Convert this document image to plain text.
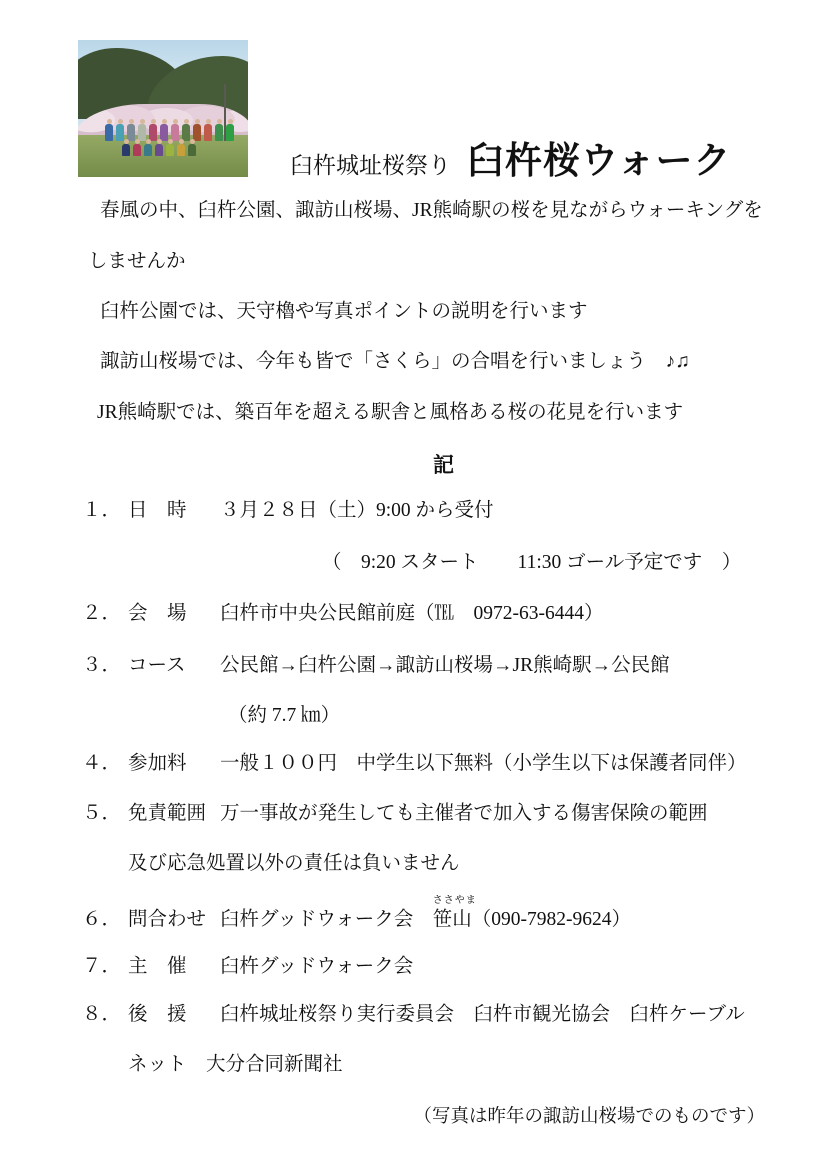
臼杵城址桜祭り 臼杵桜ウォーク
春風の中、臼杵公園、諏訪山桜場、JR熊崎駅の桜を見ながらウォーキングを
しませんか
臼杵公園では、天守櫓や写真ポイントの説明を行います
諏訪山桜場では、今年も皆で「さくら」の合唱を行いましょう　♪♫
JR熊崎駅では、築百年を超える駅舎と風格ある桜の花見を行います
記
１． 日　時	３月２８日（土）9:00 から受付
（　9:20 スタート　　11:30 ゴール予定です　）
２． 会　場	臼杵市中央公民館前庭（℡　0972-63-6444）
３． コース	公民館→臼杵公園→諏訪山桜場→JR熊崎駅→公民館
（約 7.7 ㎞）
４． 参加料	一般１００円　中学生以下無料（小学生以下は保護者同伴）
５． 免責範囲 万一事故が発生しても主催者で加入する傷害保険の範囲
及び応急処置以外の責任は負いません
６． 問合わせ 臼杵グッドウォーク会　
ささやま
笹山（090-7982-9624）
７． 主　催	臼杵グッドウォーク会
８． 後　援	臼杵城址桜祭り実行委員会　臼杵市観光協会　臼杵ケーブル
ネット　大分合同新聞社
（写真は昨年の諏訪山桜場でのものです）
